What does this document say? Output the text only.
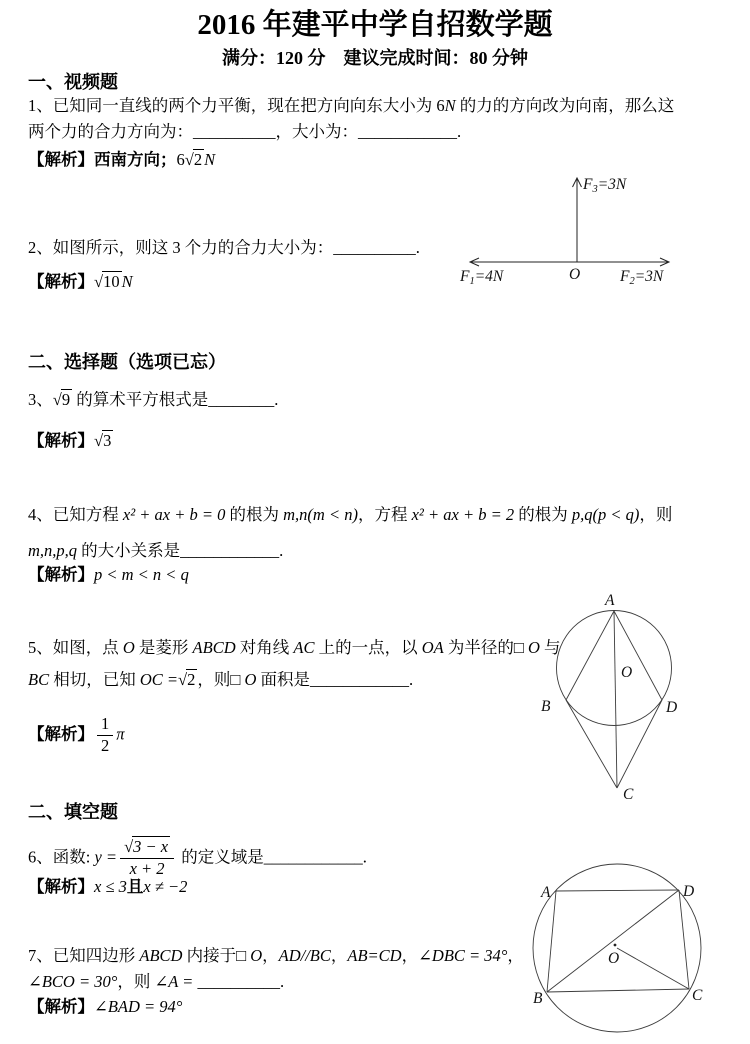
2016 年建平中学自招数学题
满分：120 分　建议完成时间：80 分钟
一、视频题
1、已知同一直线的两个力平衡，现在把方向向东大小为 6N 的力的方向改为向南，那么这
两个力的合力方向为：__________，大小为：____________.
【解析】西南方向；6√2 N
F3=3N
F1=4N	O	F2=3N
2、如图所示，则这 3 个力的合力大小为：__________.
【解析】√10 N
二、选择题（选项已忘）
3、√9 的算术平方根式是________.
【解析】√3
4、已知方程 x² + ax + b = 0 的根为 m,n(m < n)，方程 x² + ax + b = 2 的根为 p,q(p < q)，则
m,n,p,q 的大小关系是____________.
【解析】p < m < n < q
5、如图，点 O 是菱形 ABCD 对角线 AC 上的一点，以 OA 为半径的□ O 与
BC 相切，已知 OC =√2 ，则□ O 面积是____________.
【解析】 $\frac{1}{2}$ π
A
O
B	D
C
二、填空题
6、函数: $y = \frac{√3 - x}{x + 2}$ 的定义域是____________.
【解析】x ≤ 3且x ≠ −2
7、已知四边形 ABCD 内接于□ O，AD//BC，AB=CD，∠DBC = 34°，
∠BCO = 30°，则 ∠A = __________.
【解析】∠BAD = 94°
A	D
O
B	C
